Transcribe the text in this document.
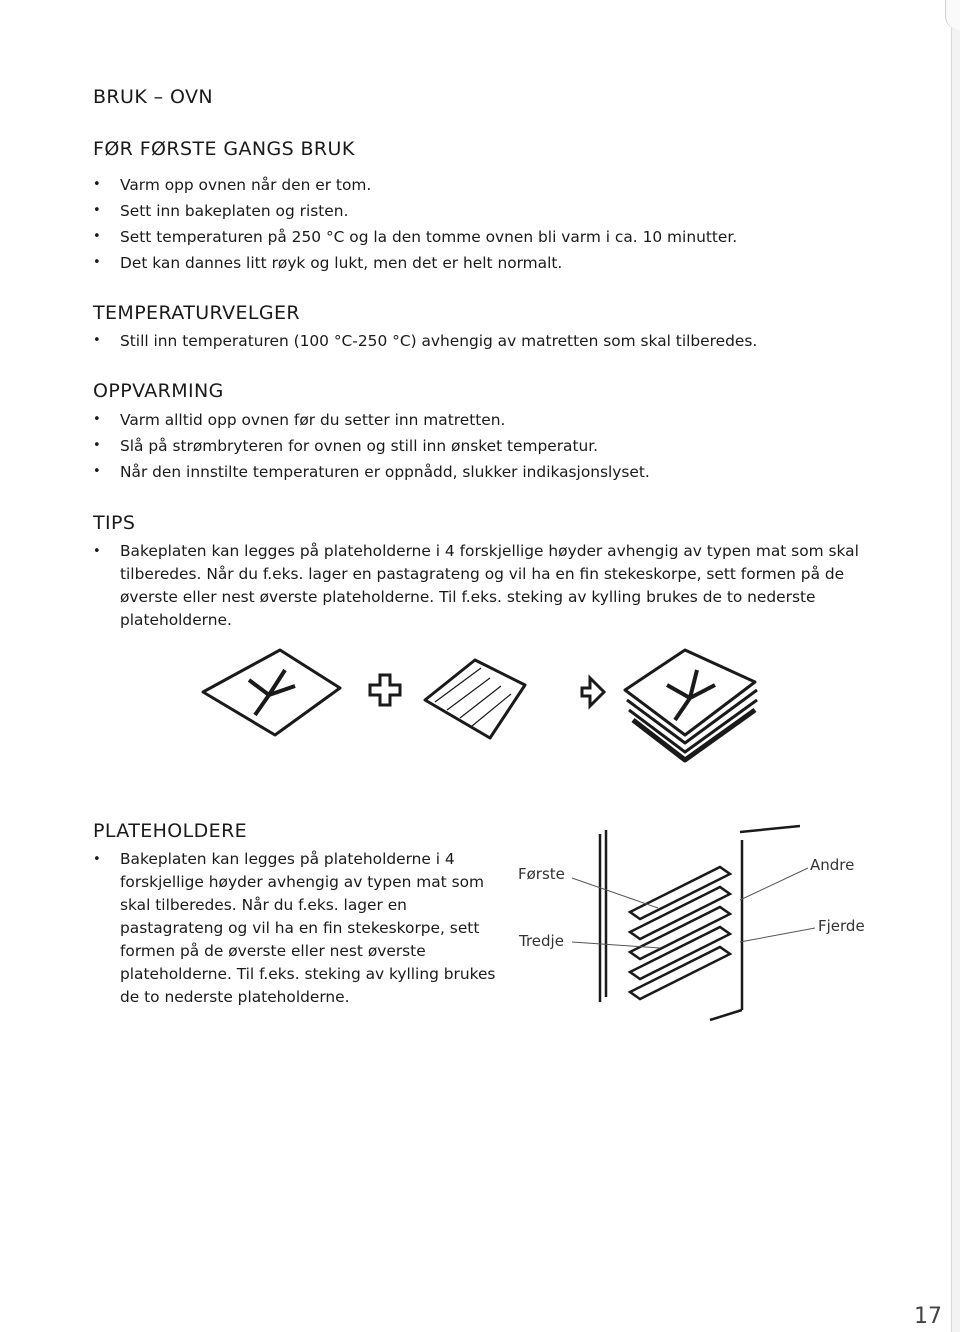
BRUK – OVN
FØR FØRSTE GANGS BRUK
• Varm opp ovnen når den er tom.
• Sett inn bakeplaten og risten.
• Sett temperaturen på 250 °C og la den tomme ovnen bli varm i ca. 10 minutter.
• Det kan dannes litt røyk og lukt, men det er helt normalt.
TEMPERATURVELGER
• Still inn temperaturen (100 °C-250 °C) avhengig av matretten som skal tilberedes.
OPPVARMING
• Varm alltid opp ovnen før du setter inn matretten.
• Slå på strømbryteren for ovnen og still inn ønsket temperatur.
• Når den innstilte temperaturen er oppnådd, slukker indikasjonslyset.
TIPS
• Bakeplaten kan legges på plateholderne i 4 forskjellige høyder avhengig av typen mat som skal tilberedes. Når du f.eks. lager en pastagrateng og vil ha en fin stekeskorpe, sett formen på de øverste eller nest øverste plateholderne. Til f.eks. steking av kylling brukes de to nederste plateholderne.
PLATEHOLDERE
• Bakeplaten kan legges på plateholderne i 4 forskjellige høyder avhengig av typen mat som skal tilberedes. Når du f.eks. lager en pastagrateng og vil ha en fin stekeskorpe, sett formen på de øverste eller nest øverste plateholderne. Til f.eks. steking av kylling brukes de to nederste plateholderne.
Første	Andre
Tredje
Fjerde
17
